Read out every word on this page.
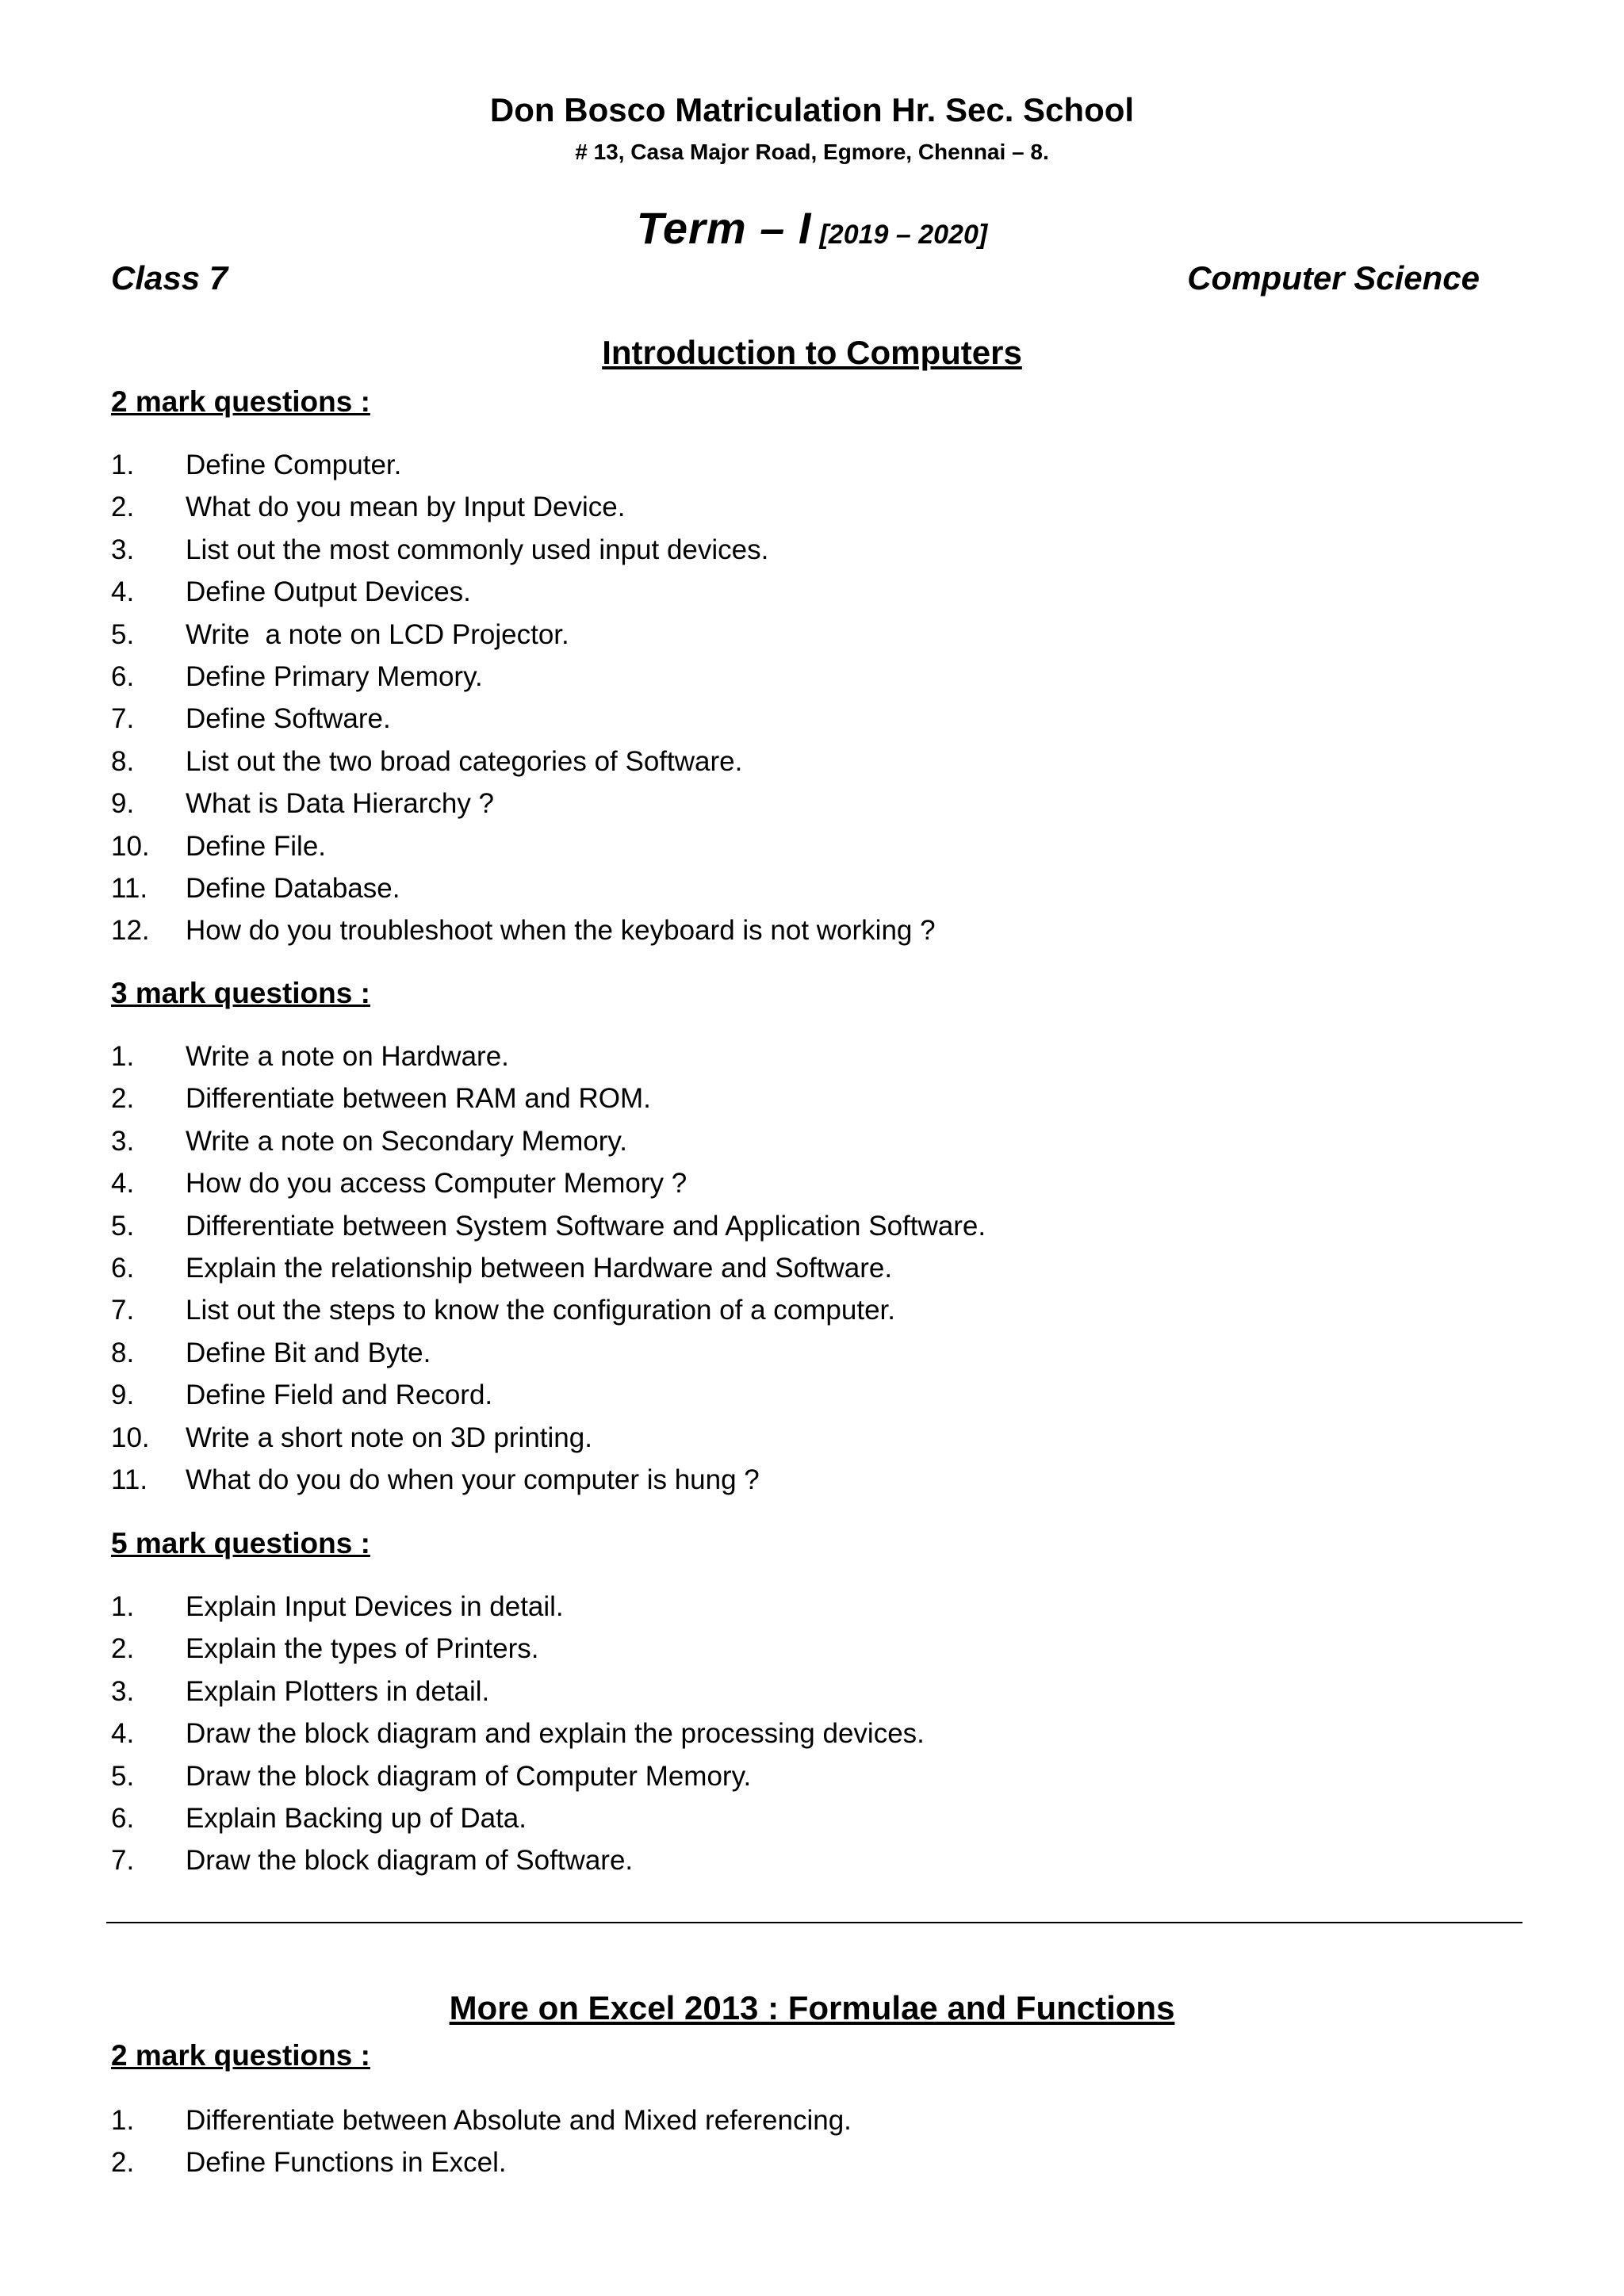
Don Bosco Matriculation Hr. Sec. School
# 13, Casa Major Road, Egmore, Chennai – 8.
Term – I [2019 – 2020]
Class 7	Computer Science
Introduction to Computers
2 mark questions :
1.	Define Computer.
2.	What do you mean by Input Device.
3.	List out the most commonly used input devices.
4.	Define Output Devices.
5.	Write  a note on LCD Projector.
6.	Define Primary Memory.
7.	Define Software.
8.	List out the two broad categories of Software.
9.	What is Data Hierarchy ?
10.	Define File.
11.	Define Database.
12.	How do you troubleshoot when the keyboard is not working ?
3 mark questions :
1.	Write a note on Hardware.
2.	Differentiate between RAM and ROM.
3.	Write a note on Secondary Memory.
4.	How do you access Computer Memory ?
5.	Differentiate between System Software and Application Software.
6.	Explain the relationship between Hardware and Software.
7.	List out the steps to know the configuration of a computer.
8.	Define Bit and Byte.
9.	Define Field and Record.
10.	Write a short note on 3D printing.
11.	What do you do when your computer is hung ?
5 mark questions :
1.	Explain Input Devices in detail.
2.	Explain the types of Printers.
3.	Explain Plotters in detail.
4.	Draw the block diagram and explain the processing devices.
5.	Draw the block diagram of Computer Memory.
6.	Explain Backing up of Data.
7.	Draw the block diagram of Software.
More on Excel 2013 : Formulae and Functions
2 mark questions :
1.	Differentiate between Absolute and Mixed referencing.
2.	Define Functions in Excel.
